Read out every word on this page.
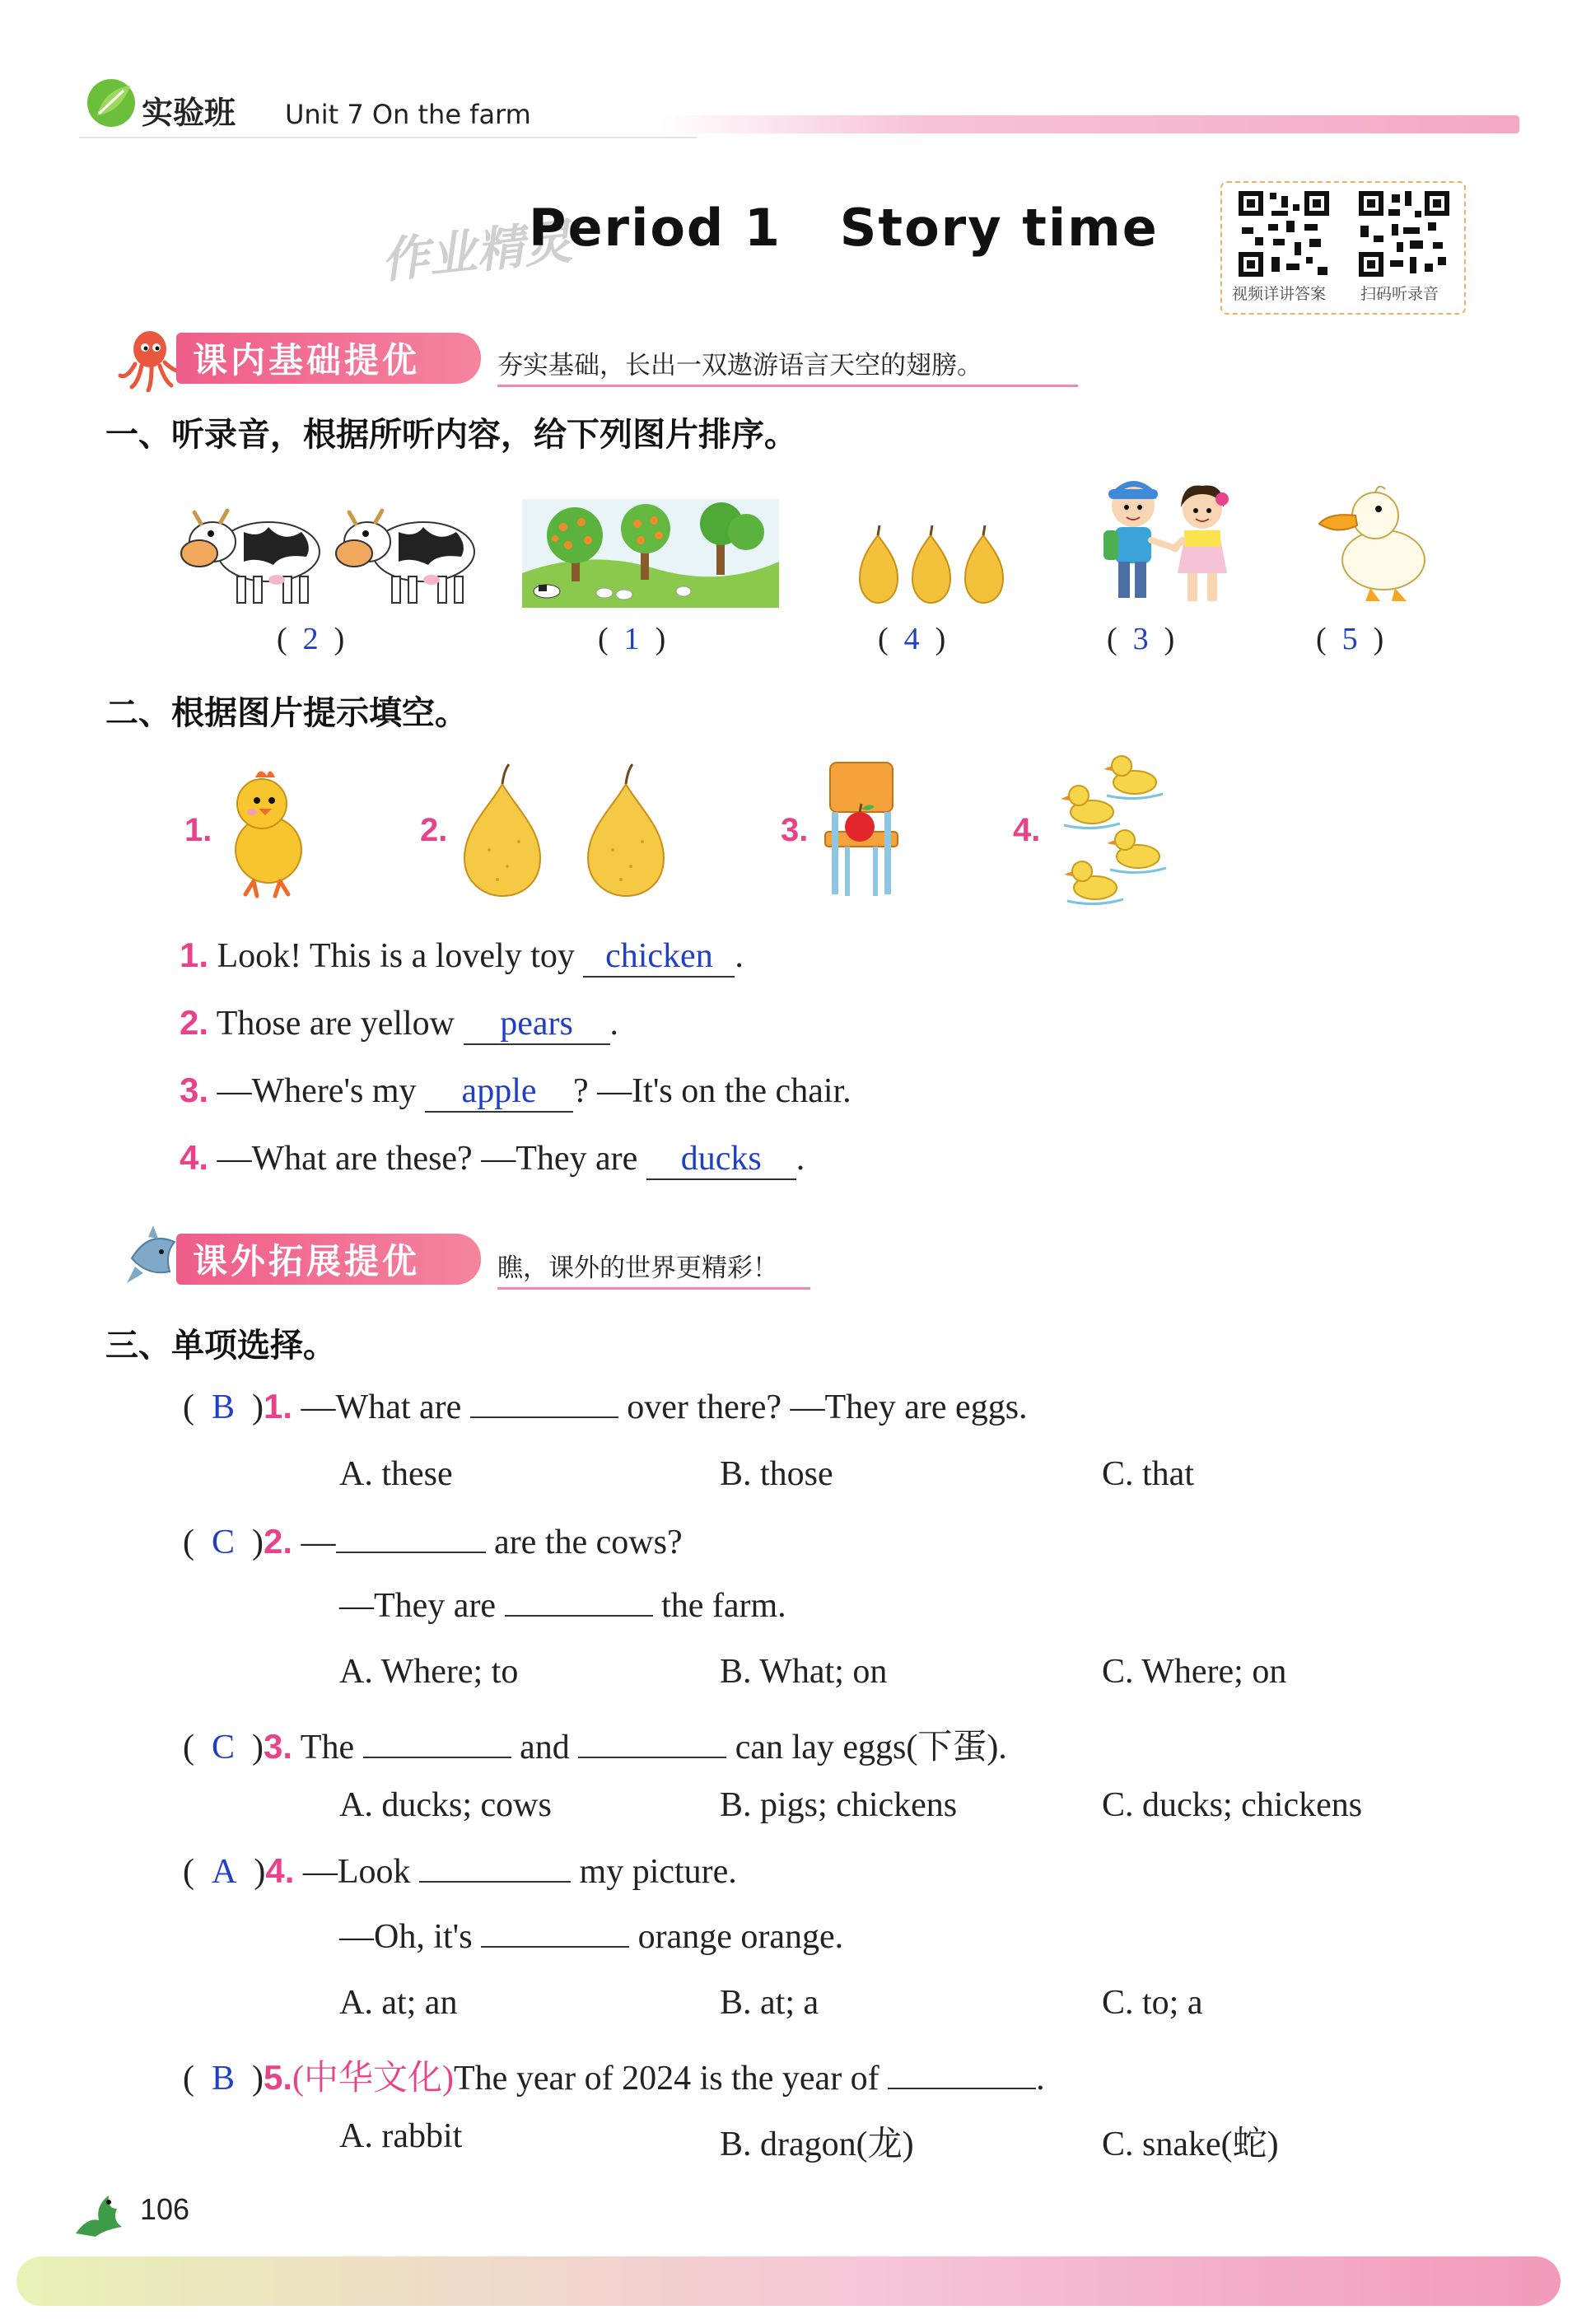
实验班 Unit 7 On the farm
作业精灵
Period 1   Story time
视频详讲答案 扫码听录音
课内基础提优	夯实基础，长出一双遨游语言天空的翅膀。
一、听录音，根据所听内容，给下列图片排序。
(  2  )	(  1  )	(  4  )	(  3  )	(  5  )
二、根据图片提示填空。
1.	2.	3.	4.
1. Look! This is a lovely toy chicken .
2. Those are yellow pears .
3. —Where's my apple ? —It's on the chair.
4. —What are these? —They are ducks .
课外拓展提优	瞧，课外的世界更精彩！
三、单项选择。
(  B  )1. —What are	over there? —They are eggs.
A. these	B. those	C. that
(  C  )2. —	are the cows?
—They are	the farm.
A. Where; to	B. What; on	C. Where; on
(  C  )3. The	and	can lay eggs(下蛋).
A. ducks; cows	B. pigs; chickens	C. ducks; chickens
(  A  )4. —Look	my picture.
—Oh, it's	orange orange.
A. at; an	B. at; a	C. to; a
(  B  )5.(中华文化)The year of 2024 is the year of	.
A. rabbit	B. dragon(龙)	C. snake(蛇)
106
